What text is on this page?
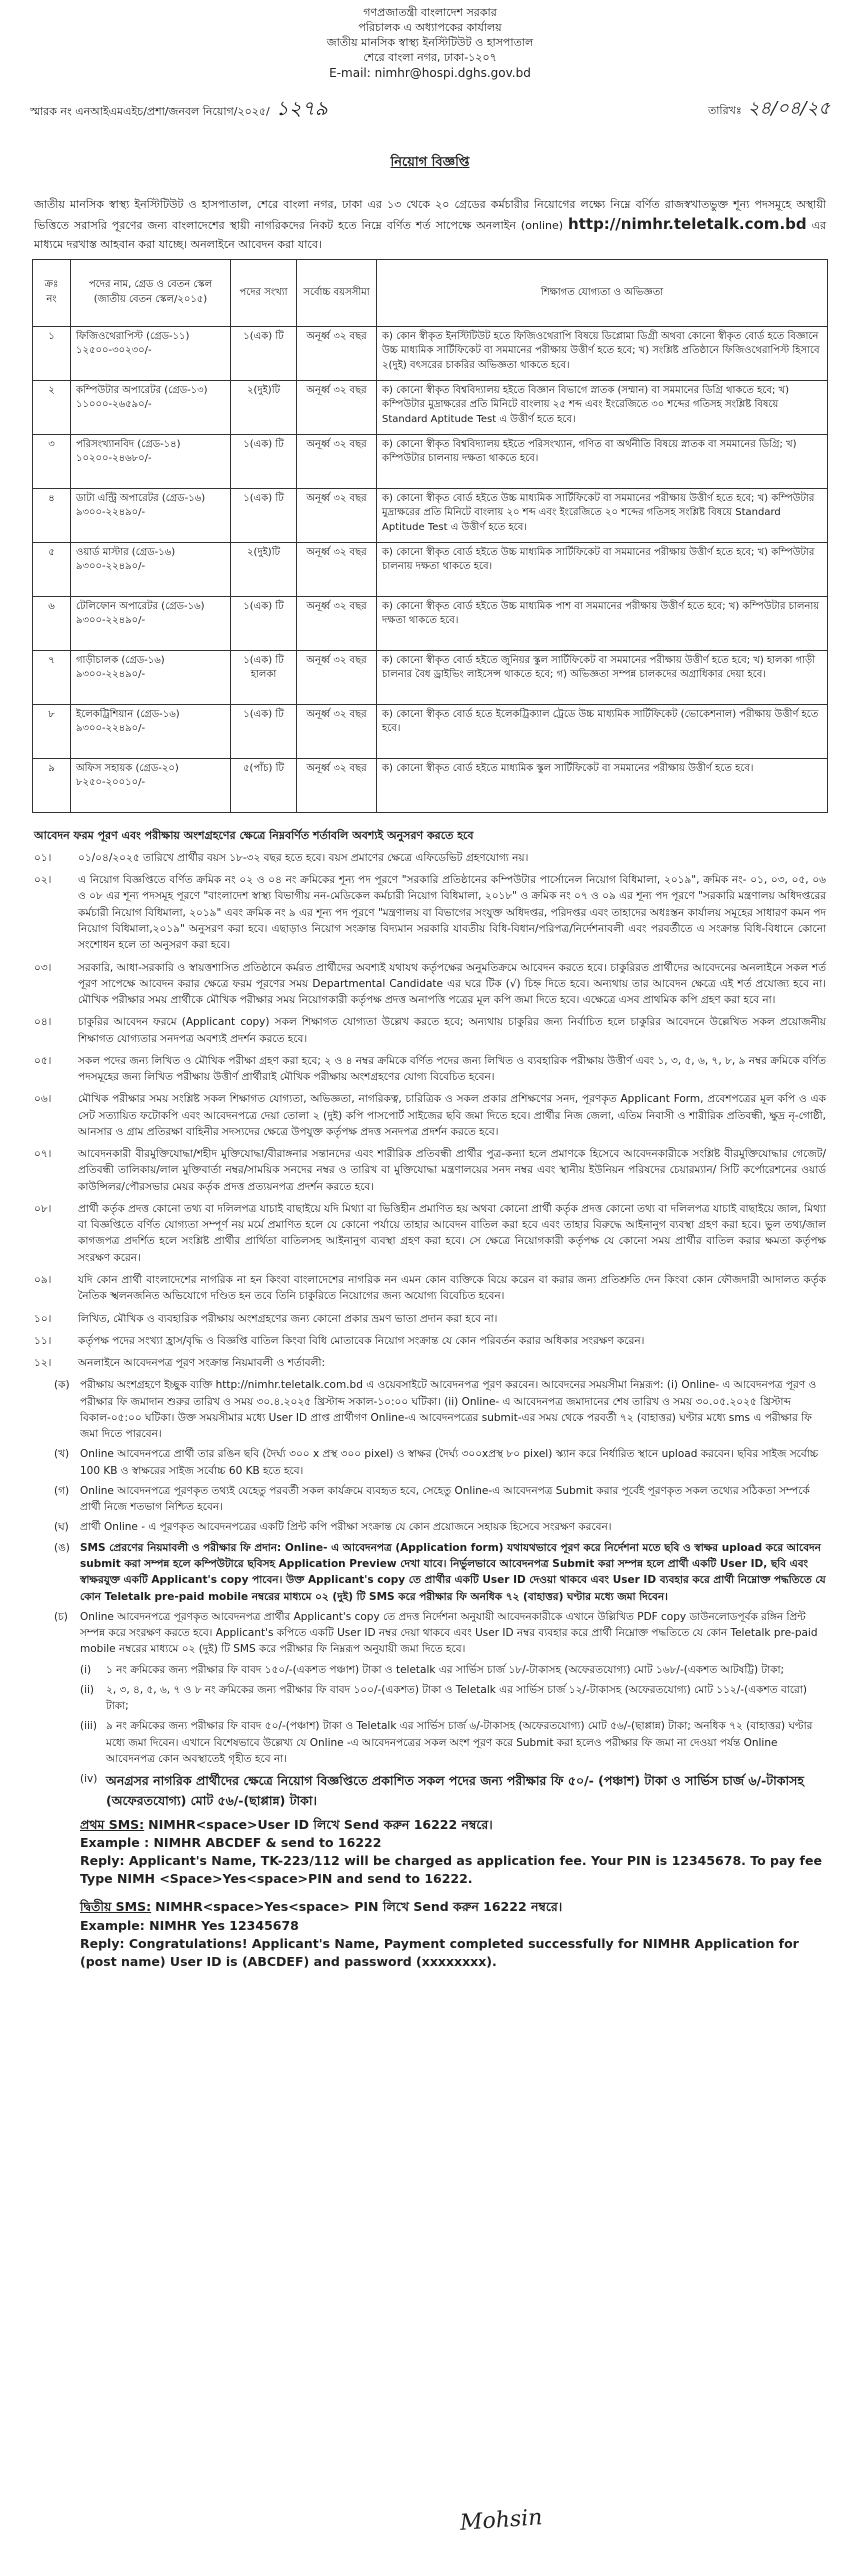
গণপ্রজাতন্ত্রী বাংলাদেশ সরকার
পরিচালক এ অধ্যাপকের কার্যালয়
জাতীয় মানসিক স্বাস্থ্য ইনস্টিটিউট ও হাসপাতাল
শেরে বাংলা নগর, ঢাকা-১২০৭
E-mail: nimhr@hospi.dghs.gov.bd
স্মারক নং এনআইএমএইচ/প্রশা/জনবল নিয়োগ/২০২৫/ ১২৭৯	তারিখঃ ২৪/০৪/২৫
নিয়োগ বিজ্ঞপ্তি
জাতীয় মানসিক স্বাস্থ্য ইনস্টিটিউট ও হাসপাতাল, শেরে বাংলা নগর, ঢাকা এর ১৩ থেকে ২০ গ্রেডের কর্মচারীর নিয়োগের লক্ষ্যে নিম্নে বর্ণিত রাজস্বখাতভুক্ত শূন্য পদসমূহে অস্থায়ী ভিত্তিতে সরাসরি পূরণের জন্য বাংলাদেশের স্থায়ী নাগরিকদের নিকট হতে নিম্নে বর্ণিত শর্ত সাপেক্ষে অনলাইন (online) http://nimhr.teletalk.com.bd এর মাধ্যমে দরখাস্ত আহবান করা যাচ্ছে। অনলাইনে আবেদন করা যাবে।
ক্রঃ নং	পদের নাম, গ্রেড ও বেতন স্কেল (জাতীয় বেতন স্কেল/২০১৫)	পদের সংখ্যা	সর্বোচ্চ বয়সসীমা	শিক্ষাগত যোগ্যতা ও অভিজ্ঞতা
১	ফিজিওথেরাপিস্ট (গ্রেড-১১) ১২৫০০-৩০২৩০/-	১(এক) টি	অনূর্ধ্ব ৩২ বছর	ক) কোন স্বীকৃত ইনস্টিটিউট হতে ফিজিওথেরাপি বিষয়ে ডিপ্লোমা ডিগ্রী অথবা কোনো স্বীকৃত বোর্ড হতে বিজ্ঞানে উচ্চ মাধ্যমিক সার্টিফিকেট বা সমমানের পরীক্ষায় উত্তীর্ণ হতে হবে; খ) সংশ্লিষ্ট প্রতিষ্ঠানে ফিজিওথেরাপিস্ট হিসাবে ২(দুই) বৎসরের চাকরির অভিজ্ঞতা থাকতে হবে।
২	কম্পিউটার অপারেটর (গ্রেড-১৩) ১১০০০-২৬৫৯০/-	২(দুই)টি	অনূর্ধ্ব ৩২ বছর	ক) কোনো স্বীকৃত বিশ্ববিদ্যালয় হইতে বিজ্ঞান বিভাগে স্নাতক (সম্মান) বা সমমানের ডিগ্রি থাকতে হবে; খ) কম্পিউটার মুদ্রাক্ষরের প্রতি মিনিটে বাংলায় ২৫ শব্দ এবং ইংরেজিতে ৩০ শব্দের গতিসহ সংশ্লিষ্ট বিষয়ে Standard Aptitude Test এ উত্তীর্ণ হতে হবে।
৩	পরিসংখ্যানবিদ (গ্রেড-১৪) ১০২০০-২৪৬৮০/-	১(এক) টি	অনূর্ধ্ব ৩২ বছর	ক) কোনো স্বীকৃত বিশ্ববিদ্যালয় হইতে পরিসংখ্যান, গণিত বা অর্থনীতি বিষয়ে স্নাতক বা সমমানের ডিগ্রি; খ) কম্পিউটার চালনায় দক্ষতা থাকতে হবে।
৪	ডাটা এন্ট্রি অপারেটর (গ্রেড-১৬) ৯৩০০-২২৪৯০/-	১(এক) টি	অনূর্ধ্ব ৩২ বছর	ক) কোনো স্বীকৃত বোর্ড হইতে উচ্চ মাধ্যমিক সার্টিফিকেট বা সমমানের পরীক্ষায় উত্তীর্ণ হতে হবে; খ) কম্পিউটার মুদ্রাক্ষরের প্রতি মিনিটে বাংলায় ২০ শব্দ এবং ইংরেজিতে ২০ শব্দের গতিসহ সংশ্লিষ্ট বিষয়ে Standard Aptitude Test এ উত্তীর্ণ হতে হবে।
৫	ওয়ার্ড মাস্টার (গ্রেড-১৬) ৯৩০০-২২৪৯০/-	২(দুই)টি	অনূর্ধ্ব ৩২ বছর	ক) কোনো স্বীকৃত বোর্ড হইতে উচ্চ মাধ্যমিক সার্টিফিকেট বা সমমানের পরীক্ষায় উত্তীর্ণ হতে হবে; খ) কম্পিউটার চালনায় দক্ষতা থাকতে হবে।
৬	টেলিফোন অপারেটর (গ্রেড-১৬) ৯৩০০-২২৪৯০/-	১(এক) টি	অনূর্ধ্ব ৩২ বছর	ক) কোনো স্বীকৃত বোর্ড হইতে উচ্চ মাধ্যমিক পাশ বা সমমানের পরীক্ষায় উত্তীর্ণ হতে হবে; খ) কম্পিউটার চালনায় দক্ষতা থাকতে হবে।
৭	গাড়ীচালক (গ্রেড-১৬) ৯৩০০-২২৪৯০/-	১(এক) টি হালকা	অনূর্ধ্ব ৩২ বছর	ক) কোনো স্বীকৃত বোর্ড হইতে জুনিয়র স্কুল সার্টিফিকেট বা সমমানের পরীক্ষায় উত্তীর্ণ হতে হবে; খ) হালকা গাড়ী চালনার বৈধ ড্রাইভিং লাইসেন্স থাকতে হবে; গ) অভিজ্ঞতা সম্পন্ন চালকদের অগ্রাধিকার দেয়া হবে।
৮	ইলেকট্রিশিয়ান (গ্রেড-১৬) ৯৩০০-২২৪৯০/-	১(এক) টি	অনূর্ধ্ব ৩২ বছর	ক) কোনো স্বীকৃত বোর্ড হতে ইলেকট্রিক্যাল ট্রেডে উচ্চ মাধ্যমিক সার্টিফিকেট (ভোকেশনাল) পরীক্ষায় উত্তীর্ণ হতে হবে।
৯	অফিস সহায়ক (গ্রেড-২০) ৮২৫০-২০০১০/-	৫(পাঁচ) টি	অনূর্ধ্ব ৩২ বছর	ক) কোনো স্বীকৃত বোর্ড হইতে মাধ্যমিক স্কুল সার্টিফিকেট বা সমমানের পরীক্ষায় উত্তীর্ণ হতে হবে।
আবেদন ফরম পূরণ এবং পরীক্ষায় অংশগ্রহণের ক্ষেত্রে নিম্নবর্ণিত শর্তাবলি অবশ্যই অনুসরণ করতে হবে
০১।	০১/০৪/২০২৫ তারিখে প্রার্থীর বয়স ১৮-৩২ বছর হতে হবে। বয়স প্রমাণের ক্ষেত্রে এফিডেভিট গ্রহণযোগ্য নয়।
০২।	এ নিয়োগ বিজ্ঞপ্তিতে বর্ণিত ক্রমিক নং ০২ ও ০৪ নং ক্রমিকের শূন্য পদ পূরণে "সরকারি প্রতিষ্ঠানের কম্পিউটার পার্সোনেল নিয়োগ বিধিমালা, ২০১৯", ক্রমিক নং- ০১, ০৩, ০৫, ০৬ ও ০৮ এর শূন্য পদসমূহ পূরণে "বাংলাদেশ স্বাস্থ্য বিভাগীয় নন-মেডিকেল কর্মচারী নিয়োগ বিধিমালা, ২০১৮" ও ক্রমিক নং ০৭ ও ০৯ এর শূন্য পদ পূরণে "সরকারি মন্ত্রণালয় অধিদপ্তরের কর্মচারী নিয়োগ বিধিমালা, ২০১৯" এবং ক্রমিক নং ৯ এর শূন্য পদ পূরণে "মন্ত্রণালয় বা বিভাগের সংযুক্ত অধিদপ্তর, পরিদপ্তর এবং তাহাদের অধঃস্তন কার্যালয় সমূহের সাধারণ কমন পদ নিয়োগ বিধিমালা,২০১৯" অনুসরণ করা হবে। এছাড়াও নিয়োগ সংক্রান্ত বিদ্যমান সরকারি যাবতীয় বিধি-বিধান/পরিপত্র/নির্দেশনাবলী এবং পরবর্তীতে এ সংক্রান্ত বিধি-বিধানে কোনো সংশোধন হলে তা অনুসরণ করা হবে।
০৩।	সরকারি, আধা-সরকারি ও স্বায়ত্তশাসিত প্রতিষ্ঠানে কর্মরত প্রার্থীদের অবশ্যই যথাযথ কর্তৃপক্ষের অনুমতিক্রমে আবেদন করতে হবে। চাকুরিরত প্রার্থীদের আবেদনের অনলাইনে সকল শর্ত পূরণ সাপেক্ষে আবেদন করার ক্ষেত্রে ফরম পূরণের সময় Departmental Candidate এর ঘরে টিক (√) চিহ্ন দিতে হবে। অন্যথায় তার আবেদন ক্ষেত্রে এই শর্ত প্রযোজ্য হবে না। মৌখিক পরীক্ষার সময় প্রার্থীকে মৌখিক পরীক্ষার সময় নিয়োগকারী কর্তৃপক্ষ প্রদত্ত অনাপত্তি পত্রের মূল কপি জমা দিতে হবে। এক্ষেত্রে এসব প্রাথমিক কপি গ্রহণ করা হবে না।
০৪।	চাকুরির আবেদন ফরমে (Applicant copy) সকল শিক্ষাগত যোগ্যতা উল্লেখ করতে হবে; অন্যথায় চাকুরির জন্য নির্বাচিত হলে চাকুরির আবেদনে উল্লেখিত সকল প্রয়োজনীয় শিক্ষাগত যোগ্যতার সনদপত্র অবশ্যই প্রদর্শন করতে হবে।
০৫।	সকল পদের জন্য লিখিত ও মৌখিক পরীক্ষা গ্রহণ করা হবে; ২ ও ৪ নম্বর ক্রমিকে বর্ণিত পদের জন্য লিখিত ও ব্যবহারিক পরীক্ষায় উত্তীর্ণ এবং ১, ৩, ৫, ৬, ৭, ৮, ৯ নম্বর ক্রমিকে বর্ণিত পদসমূহের জন্য লিখিত পরীক্ষায় উত্তীর্ণ প্রার্থীরাই মৌখিক পরীক্ষায় অংশগ্রহণের যোগ্য বিবেচিত হবেন।
০৬।	মৌখিক পরীক্ষার সময় সংশ্লিষ্ট সকল শিক্ষাগত যোগ্যতা, অভিজ্ঞতা, নাগরিকত্ব, চারিত্রিক ও সকল প্রকার প্রশিক্ষণের সনদ, পূরণকৃত Applicant Form, প্রবেশপত্রের মূল কপি ও এক সেট সত্যায়িত ফটোকপি এবং আবেদনপত্রে দেয়া তোলা ২ (দুই) কপি পাসপোর্ট সাইজের ছবি জমা দিতে হবে। প্রার্থীর নিজ জেলা, এতিম নিবাসী ও শারীরিক প্রতিবন্ধী, ক্ষুদ্র নৃ-গোষ্ঠী, আনসার ও গ্রাম প্রতিরক্ষা বাহিনীর সদস্যদের ক্ষেত্রে উপযুক্ত কর্তৃপক্ষ প্রদত্ত সনদপত্র প্রদর্শন করতে হবে।
০৭।	আবেদনকারী বীরমুক্তিযোদ্ধা/শহীদ মুক্তিযোদ্ধা/বীরাঙ্গনার সন্তানদের এবং শারীরিক প্রতিবন্ধী প্রার্থীর পুত্র-কন্যা হলে প্রমাণকে হিসেবে আবেদনকারীকে সংশ্লিষ্ট বীরমুক্তিযোদ্ধার গেজেট/প্রতিবন্ধী তালিকায়/লাল মুক্তিবার্তা নম্বর/সাময়িক সনদের নম্বর ও তারিখ বা মুক্তিযোদ্ধা মন্ত্রণালয়ের সনদ নম্বর এবং স্থানীয় ইউনিয়ন পরিষদের চেয়ারম্যান/ সিটি কর্পোরেশনের ওয়ার্ড কাউন্সিলর/পৌরসভার মেয়র কর্তৃক প্রদত্ত প্রত্যয়নপত্র প্রদর্শন করতে হবে।
০৮।	প্রার্থী কর্তৃক প্রদত্ত কোনো তথ্য বা দলিলপত্র যাচাই বাছাইয়ে যদি মিথ্যা বা ভিত্তিহীন প্রমাণিত হয় অথবা কোনো প্রার্থী কর্তৃক প্রদত্ত কোনো তথ্য বা দলিলপত্র যাচাই বাছাইয়ে জাল, মিথ্যা বা বিজ্ঞপ্তিতে বর্ণিত যোগ্যতা সম্পূর্ণ নয় মর্মে প্রমাণিত হলে যে কোনো পর্যায়ে তাহার আবেদন বাতিল করা হবে এবং তাহার বিরুদ্ধে আইনানুগ ব্যবস্থা গ্রহণ করা হবে। ভুল তথ্য/জাল কাগজপত্র প্রদর্শিত হলে সংশ্লিষ্ট প্রার্থীর প্রার্থিতা বাতিলসহ আইনানুগ ব্যবস্থা গ্রহণ করা হবে। সে ক্ষেত্রে নিয়োগকারী কর্তৃপক্ষ যে কোনো সময় প্রার্থীর বাতিল করার ক্ষমতা কর্তৃপক্ষ সংরক্ষণ করেন।
০৯।	যদি কোন প্রার্থী বাংলাদেশের নাগরিক না হন কিংবা বাংলাদেশের নাগরিক নন এমন কোন ব্যক্তিকে বিয়ে করেন বা করার জন্য প্রতিশ্রুতি দেন কিংবা কোন ফৌজদারী আদালত কর্তৃক নৈতিক স্খলনজনিত অভিযোগে দণ্ডিত হন তবে তিনি চাকুরিতে নিয়োগের জন্য অযোগ্য বিবেচিত হবেন।
১০।	লিখিত, মৌখিক ও ব্যবহারিক পরীক্ষায় অংশগ্রহণের জন্য কোনো প্রকার ভ্রমণ ভাতা প্রদান করা হবে না।
১১।	কর্তৃপক্ষ পদের সংখ্যা হ্রাস/বৃদ্ধি ও বিজ্ঞপ্তি বাতিল কিংবা বিধি মোতাবেক নিয়োগ সংক্রান্ত যে কোন পরিবর্তন করার অধিকার সংরক্ষণ করেন।
১২।	অনলাইনে আবেদনপত্র পূরণ সংক্রান্ত নিয়মাবলী ও শর্তাবলী:
(ক) পরীক্ষায় অংশগ্রহণে ইচ্ছুক ব্যক্তি http://nimhr.teletalk.com.bd এ ওয়েবসাইটে আবেদনপত্র পূরণ করবেন। আবেদনের সময়সীমা নিম্নরূপ: (i) Online- এ আবেদনপত্র পূরণ ও পরীক্ষার ফি জমাদান শুরুর তারিখ ও সময় ৩০.৪.২০২৫ খ্রিস্টাব্দ সকাল-১০:০০ ঘটিকা। (ii) Online- এ আবেদনপত্র জমাদানের শেষ তারিখ ও সময় ৩০.০৫.২০২৫ খ্রিস্টাব্দ বিকাল-০৫:০০ ঘটিকা। উক্ত সময়সীমার মধ্যে User ID প্রাপ্ত প্রার্থীগণ Online-এ আবেদনপত্রের submit-এর সময় থেকে পরবর্তী ৭২ (বাহাত্তর) ঘণ্টার মধ্যে sms এ পরীক্ষার ফি জমা দিতে পারবেন।
(খ)	Online আবেদনপত্রে প্রার্থী তার রঙিন ছবি (দৈর্ঘ্য ৩০০ x প্রস্থ ৩০০ pixel) ও স্বাক্ষর (দৈর্ঘ্য ৩০০xপ্রস্থ ৮০ pixel) স্ক্যান করে নির্ধারিত স্থানে upload করবেন। ছবির সাইজ সর্বোচ্চ 100 KB ও স্বাক্ষরের সাইজ সর্বোচ্চ 60 KB হতে হবে।
(গ)	Online আবেদনপত্রে পূরণকৃত তথ্যই যেহেতু পরবর্তী সকল কার্যক্রমে ব্যবহৃত হবে, সেহেতু Online-এ আবেদনপত্র Submit করার পূর্বেই পূরণকৃত সকল তথ্যের সঠিকতা সম্পর্কে প্রার্থী নিজে শতভাগ নিশ্চিত হবেন।
(ঘ)	প্রার্থী Online - এ পূরণকৃত আবেদনপত্রের একটি প্রিন্ট কপি পরীক্ষা সংক্রান্ত যে কোন প্রয়োজনে সহায়ক হিসেবে সংরক্ষণ করবেন।
(ঙ) SMS প্রেরণের নিয়মাবলী ও পরীক্ষার ফি প্রদান: Online- এ আবেদনপত্র (Application form) যথাযথভাবে পূরণ করে নির্দেশনা মতে ছবি ও স্বাক্ষর upload করে আবেদন submit করা সম্পন্ন হলে কম্পিউটারে ছবিসহ Application Preview দেখা যাবে। নির্ভুলভাবে আবেদনপত্র Submit করা সম্পন্ন হলে প্রার্থী একটি User ID, ছবি এবং স্বাক্ষরযুক্ত একটি Applicant's copy পাবেন। উক্ত Applicant's copy তে প্রার্থীর একটি User ID দেওয়া থাকবে এবং User ID ব্যবহার করে প্রার্থী নিম্নোক্ত পদ্ধতিতে যে কোন Teletalk pre-paid mobile নম্বরের মাধ্যমে ০২ (দুই) টি SMS করে পরীক্ষার ফি অনধিক ৭২ (বাহাত্তর) ঘণ্টার মধ্যে জমা দিবেন।
(চ)	Online আবেদনপত্রে পূরণকৃত আবেদনপত্র প্রার্থীর Applicant's copy তে প্রদত্ত নির্দেশনা অনুযায়ী আবেদনকারীকে এখানে উল্লিখিত PDF copy ডাউনলোডপূর্বক রঙ্গিন প্রিন্ট সম্পন্ন করে সংরক্ষণ করতে হবে। Applicant's কপিতে একটি User ID নম্বর দেয়া থাকবে এবং User ID নম্বর ব্যবহার করে প্রার্থী নিম্নোক্ত পদ্ধতিতে যে কোন Teletalk pre-paid mobile নম্বরের মাধ্যমে ০২ (দুই) টি SMS করে পরীক্ষার ফি নিম্নরূপ অনুযায়ী জমা দিতে হবে।
(i)	১ নং ক্রমিকের জন্য পরীক্ষার ফি বাবদ ১৫০/-(একশত পঞ্চাশ) টাকা ও teletalk এর সার্ভিস চার্জ ১৮/-টাকাসহ (অফেরতযোগ্য) মোট ১৬৮/-(একশত আটষট্টি) টাকা;
(ii)	২, ৩, ৪, ৫, ৬, ৭ ও ৮ নং ক্রমিকের জন্য পরীক্ষার ফি বাবদ ১০০/-(একশত) টাকা ও Teletalk এর সার্ভিস চার্জ ১২/-টাকাসহ (অফেরতযোগ্য) মোট ১১২/-(একশত বারো) টাকা;
(iii) ৯ নং ক্রমিকের জন্য পরীক্ষার ফি বাবদ ৫০/-(পঞ্চাশ) টাকা ও Teletalk এর সার্ভিস চার্জ ৬/-টাকাসহ (অফেরতযোগ্য) মোট ৫৬/-(ছাপ্পান্ন) টাকা; অনধিক ৭২ (বাহাত্তর) ঘণ্টার মধ্যে জমা দিবেন। এখানে বিশেষভাবে উল্লেখ্য যে Online -এ আবেদনপত্রের সকল অংশ পূরণ করে Submit করা হলেও পরীক্ষার ফি জমা না দেওয়া পর্যন্ত Online আবেদনপত্র কোন অবস্থাতেই গৃহীত হবে না।
(iv) অনগ্রসর নাগরিক প্রার্থীদের ক্ষেত্রে নিয়োগ বিজ্ঞপ্তিতে প্রকাশিত সকল পদের জন্য পরীক্ষার ফি ৫০/- (পঞ্চাশ) টাকা ও সার্ভিস চার্জ ৬/-টাকাসহ (অফেরতযোগ্য) মোট ৫৬/-(ছাপ্পান্ন) টাকা।
প্রথম SMS: NIMHR<space>User ID লিখে Send করুন 16222 নম্বরে।
Example : NIMHR ABCDEF & send to 16222
Reply: Applicant's Name, TK-223/112 will be charged as application fee. Your PIN is 12345678. To pay fee Type NIMH <Space>Yes<space>PIN and send to 16222.
দ্বিতীয় SMS: NIMHR<space>Yes<space> PIN লিখে Send করুন 16222 নম্বরে।
Example: NIMHR Yes 12345678
Reply: Congratulations! Applicant's Name, Payment completed successfully for NIMHR Application for (post name) User ID is (ABCDEF) and password (xxxxxxxx).
Mohsin
